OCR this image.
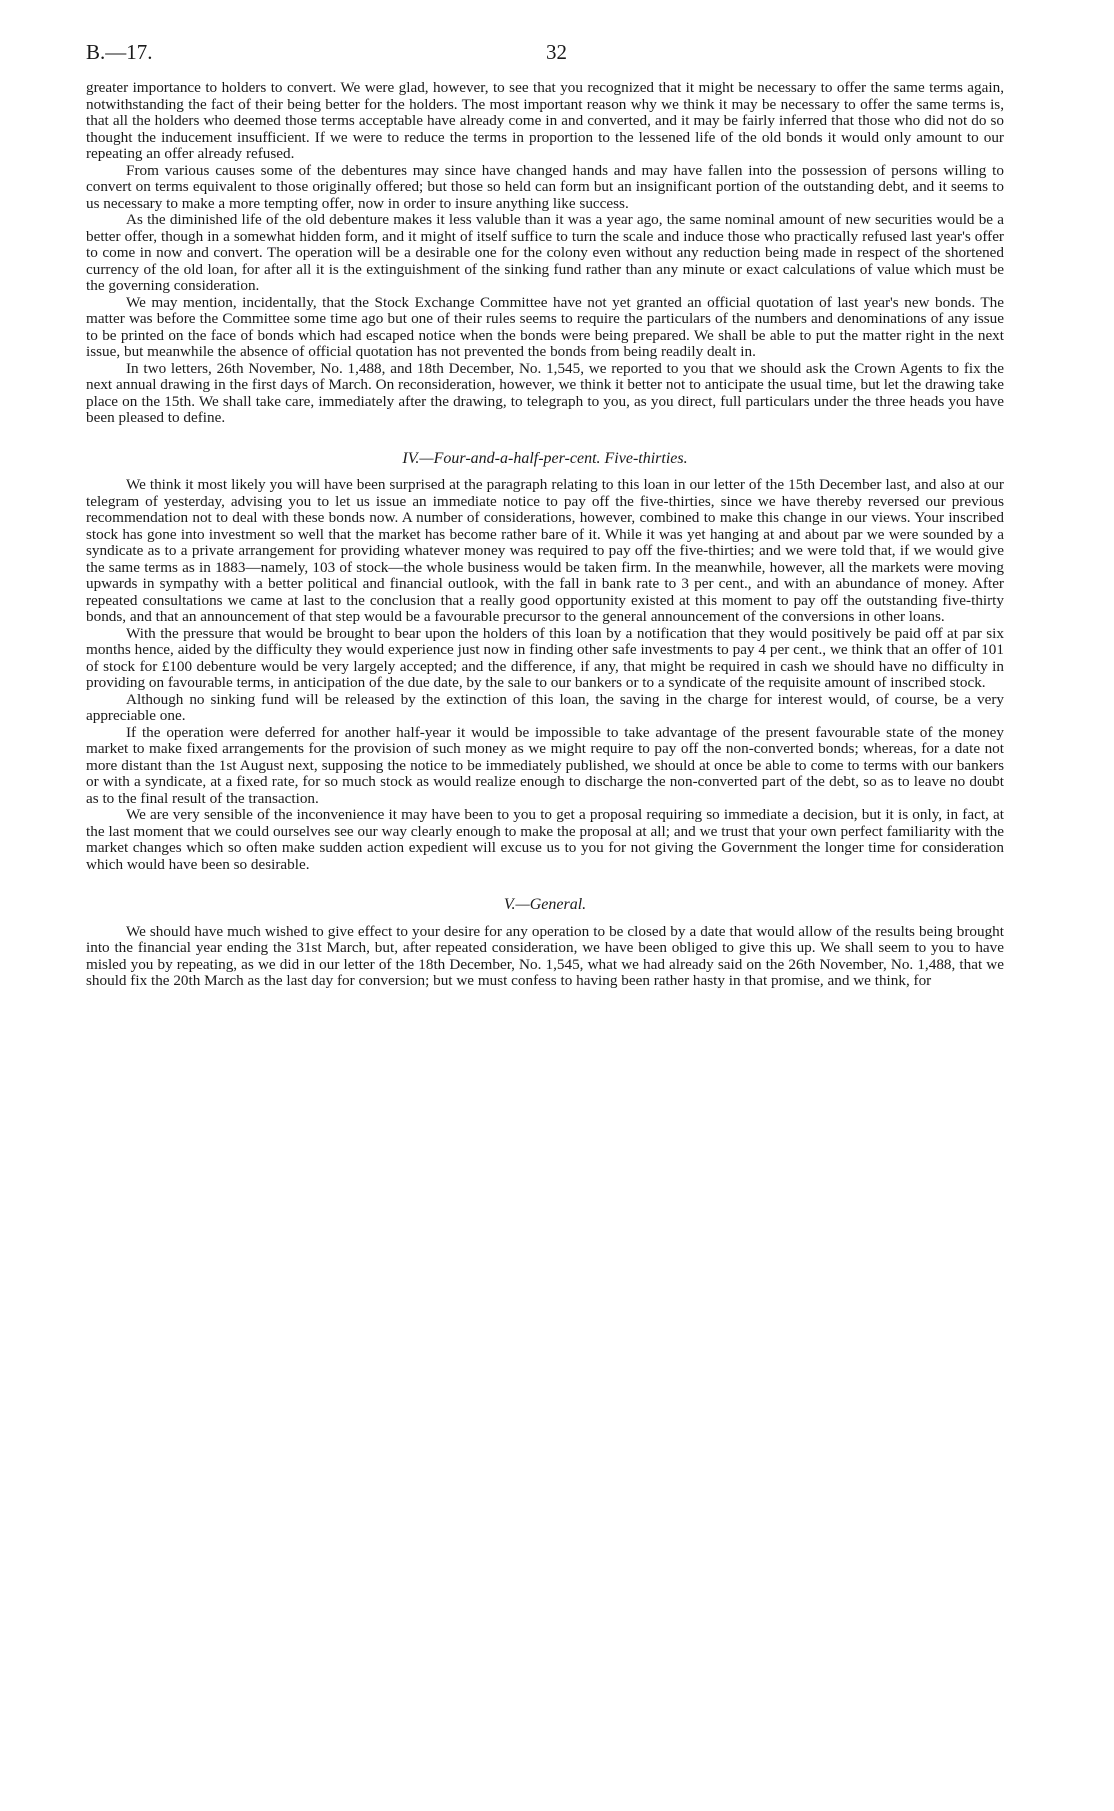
B.—17.	32

greater importance to holders to convert. We were glad, however, to see that you recognized that it might be necessary to offer the same terms again, notwithstanding the fact of their being better for the holders. The most important reason why we think it may be necessary to offer the same terms is, that all the holders who deemed those terms acceptable have already come in and converted, and it may be fairly inferred that those who did not do so thought the inducement insufficient. If we were to reduce the terms in proportion to the lessened life of the old bonds it would only amount to our repeating an offer already refused.

From various causes some of the debentures may since have changed hands and may have fallen into the possession of persons willing to convert on terms equivalent to those originally offered; but those so held can form but an insignificant portion of the outstanding debt, and it seems to us necessary to make a more tempting offer, now in order to insure anything like success.

As the diminished life of the old debenture makes it less valuble than it was a year ago, the same nominal amount of new securities would be a better offer, though in a somewhat hidden form, and it might of itself suffice to turn the scale and induce those who practically refused last year's offer to come in now and convert. The operation will be a desirable one for the colony even without any reduction being made in respect of the shortened currency of the old loan, for after all it is the extinguishment of the sinking fund rather than any minute or exact calculations of value which must be the governing consideration.

We may mention, incidentally, that the Stock Exchange Committee have not yet granted an official quotation of last year's new bonds. The matter was before the Committee some time ago but one of their rules seems to require the particulars of the numbers and denominations of any issue to be printed on the face of bonds which had escaped notice when the bonds were being prepared. We shall be able to put the matter right in the next issue, but meanwhile the absence of official quotation has not prevented the bonds from being readily dealt in.

In two letters, 26th November, No. 1,488, and 18th December, No. 1,545, we reported to you that we should ask the Crown Agents to fix the next annual drawing in the first days of March. On reconsideration, however, we think it better not to anticipate the usual time, but let the drawing take place on the 15th. We shall take care, immediately after the drawing, to telegraph to you, as you direct, full particulars under the three heads you have been pleased to define.

IV.—Four-and-a-half-per-cent. Five-thirties.

We think it most likely you will have been surprised at the paragraph relating to this loan in our letter of the 15th December last, and also at our telegram of yesterday, advising you to let us issue an immediate notice to pay off the five-thirties, since we have thereby reversed our previous recommendation not to deal with these bonds now. A number of considerations, however, combined to make this change in our views. Your inscribed stock has gone into investment so well that the market has become rather bare of it. While it was yet hanging at and about par we were sounded by a syndicate as to a private arrangement for providing whatever money was required to pay off the five-thirties; and we were told that, if we would give the same terms as in 1883—namely, 103 of stock—the whole business would be taken firm. In the meanwhile, however, all the markets were moving upwards in sympathy with a better political and financial outlook, with the fall in bank rate to 3 per cent., and with an abundance of money. After repeated consultations we came at last to the conclusion that a really good opportunity existed at this moment to pay off the outstanding five-thirty bonds, and that an announcement of that step would be a favourable precursor to the general announcement of the conversions in other loans.

With the pressure that would be brought to bear upon the holders of this loan by a notification that they would positively be paid off at par six months hence, aided by the difficulty they would experience just now in finding other safe investments to pay 4 per cent., we think that an offer of 101 of stock for £100 debenture would be very largely accepted; and the difference, if any, that might be required in cash we should have no difficulty in providing on favourable terms, in anticipation of the due date, by the sale to our bankers or to a syndicate of the requisite amount of inscribed stock.

Although no sinking fund will be released by the extinction of this loan, the saving in the charge for interest would, of course, be a very appreciable one.

If the operation were deferred for another half-year it would be impossible to take advantage of the present favourable state of the money market to make fixed arrangements for the provision of such money as we might require to pay off the non-converted bonds; whereas, for a date not more distant than the 1st August next, supposing the notice to be immediately published, we should at once be able to come to terms with our bankers or with a syndicate, at a fixed rate, for so much stock as would realize enough to discharge the non-converted part of the debt, so as to leave no doubt as to the final result of the transaction.

We are very sensible of the inconvenience it may have been to you to get a proposal requiring so immediate a decision, but it is only, in fact, at the last moment that we could ourselves see our way clearly enough to make the proposal at all; and we trust that your own perfect familiarity with the market changes which so often make sudden action expedient will excuse us to you for not giving the Government the longer time for consideration which would have been so desirable.

V.—General.

We should have much wished to give effect to your desire for any operation to be closed by a date that would allow of the results being brought into the financial year ending the 31st March, but, after repeated consideration, we have been obliged to give this up. We shall seem to you to have misled you by repeating, as we did in our letter of the 18th December, No. 1,545, what we had already said on the 26th November, No. 1,488, that we should fix the 20th March as the last day for conversion; but we must confess to having been rather hasty in that promise, and we think, for
